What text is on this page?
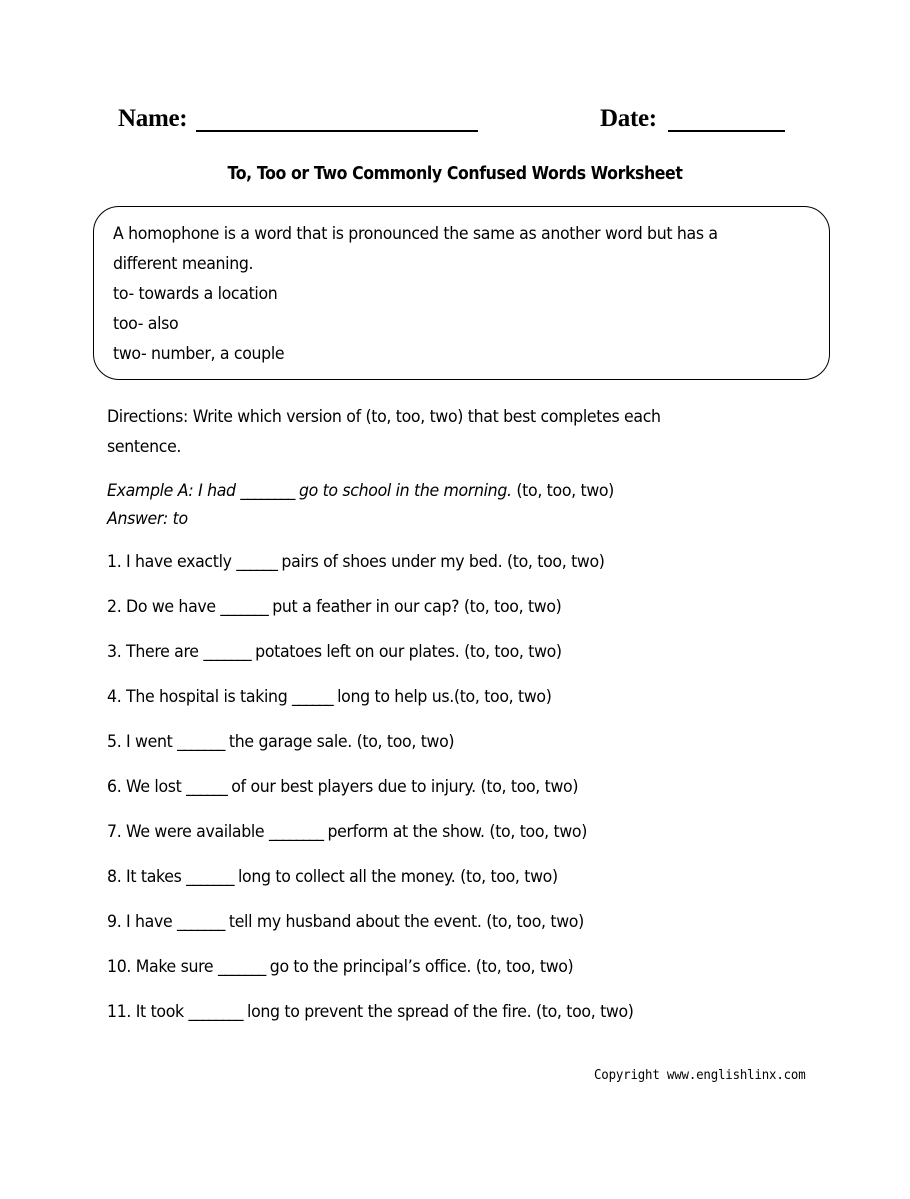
Name:	Date:
To, Too or Two Commonly Confused Words Worksheet
A homophone is a word that is pronounced the same as another word but has a different meaning.
to- towards a location
too- also
two- number, a couple
Directions: Write which version of (to, too, two) that best completes each sentence.
Example A: I had ________ go to school in the morning. (to, too, two)
Answer: to
1. I have exactly ______ pairs of shoes under my bed. (to, too, two)
2. Do we have _______ put a feather in our cap? (to, too, two)
3. There are _______ potatoes left on our plates. (to, too, two)
4. The hospital is taking ______ long to help us.(to, too, two)
5. I went _______ the garage sale. (to, too, two)
6. We lost ______ of our best players due to injury. (to, too, two)
7. We were available ________ perform at the show. (to, too, two)
8. It takes _______ long to collect all the money. (to, too, two)
9. I have _______ tell my husband about the event. (to, too, two)
10. Make sure _______ go to the principal’s office. (to, too, two)
11. It took ________ long to prevent the spread of the fire. (to, too, two)
Copyright www.englishlinx.com
